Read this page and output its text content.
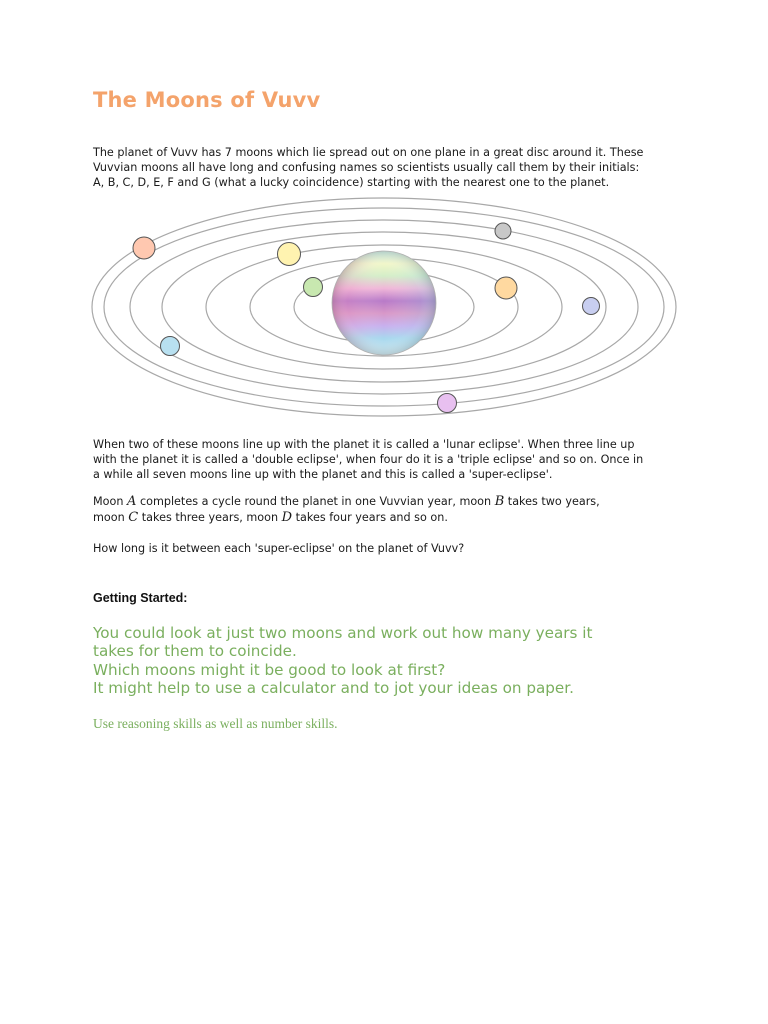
The Moons of Vuvv
The planet of Vuvv has 7 moons which lie spread out on one plane in a great disc around it. These
Vuvvian moons all have long and confusing names so scientists usually call them by their initials:
A, B, C, D, E, F and G (what a lucky coincidence) starting with the nearest one to the planet.
When two of these moons line up with the planet it is called a 'lunar eclipse'. When three line up
with the planet it is called a 'double eclipse', when four do it is a 'triple eclipse' and so on. Once in
a while all seven moons line up with the planet and this is called a 'super-eclipse'.
Moon A completes a cycle round the planet in one Vuvvian year, moon B takes two years,
moon C takes three years, moon D takes four years and so on.

How long is it between each 'super-eclipse' on the planet of Vuvv?

Getting Started:
You could look at just two moons and work out how many years it
takes for them to coincide.
Which moons might it be good to look at first?
It might help to use a calculator and to jot your ideas on paper.

Use reasoning skills as well as number skills.
